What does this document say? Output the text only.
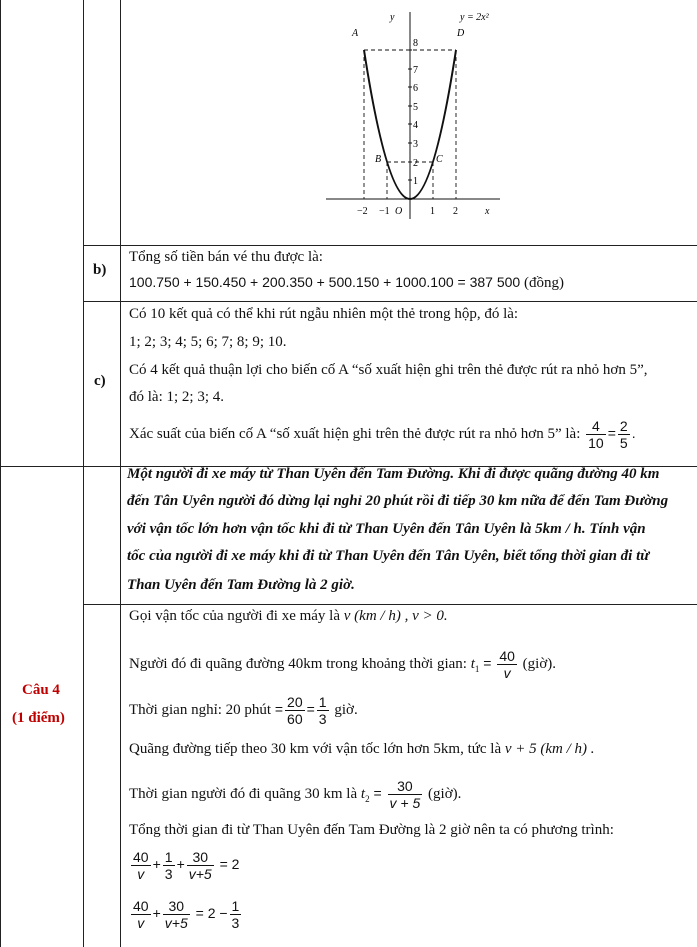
y	y = 2x²
x
O
1
2
3
4
5
6
7
8
−2 −1	1 2
A
B	C
D
b)
Tổng số tiền bán vé thu được là:
100.750 + 150.450 + 200.350 + 500.150 + 1000.100 = 387 500 (đồng)
c)
Có 10 kết quả có thể khi rút ngẫu nhiên một thẻ trong hộp, đó là:
1; 2; 3; 4; 5; 6; 7; 8; 9; 10.
Có 4 kết quả thuận lợi cho biến cố A “số xuất hiện ghi trên thẻ được rút ra nhỏ hơn 5”,
đó là: 1; 2; 3; 4.
Xác suất của biến cố A “số xuất hiện ghi trên thẻ được rút ra nhỏ hơn 5” là: $\frac{4}{10} = \frac{2}{5}$ .
Câu 4
(1 điểm)
Một người đi xe máy từ Than Uyên đến Tam Đường. Khi đi được quãng đường 40 km
đến Tân Uyên người đó dừng lại nghỉ 20 phút rồi đi tiếp 30 km nữa để đến Tam Đường
với vận tốc lớn hơn vận tốc khi đi từ Than Uyên đến Tân Uyên là 5km / h. Tính vận
tốc của người đi xe máy khi đi từ Than Uyên đến Tân Uyên, biết tổng thời gian đi từ
Than Uyên đến Tam Đường là 2 giờ.
Gọi vận tốc của người đi xe máy là v (km / h) , v > 0.
Người đó đi quãng đường 40km trong khoảng thời gian: $t_1 = \frac{40}{v}$ (giờ).
Thời gian nghỉ: 20 phút = $\frac{20}{60} = \frac{1}{3}$ giờ.
Quãng đường tiếp theo 30 km với vận tốc lớn hơn 5km, tức là v + 5 (km / h) .
Thời gian người đó đi quãng 30 km là $t_2 = \frac{30}{v + 5}$ (giờ).
Tổng thời gian đi từ Than Uyên đến Tam Đường là 2 giờ nên ta có phương trình:
$\frac{40}{v} + \frac{1}{3} + \frac{30}{v+5} = 2$
$\frac{40}{v} + \frac{30}{v+5} = 2 - \frac{1}{3}$
